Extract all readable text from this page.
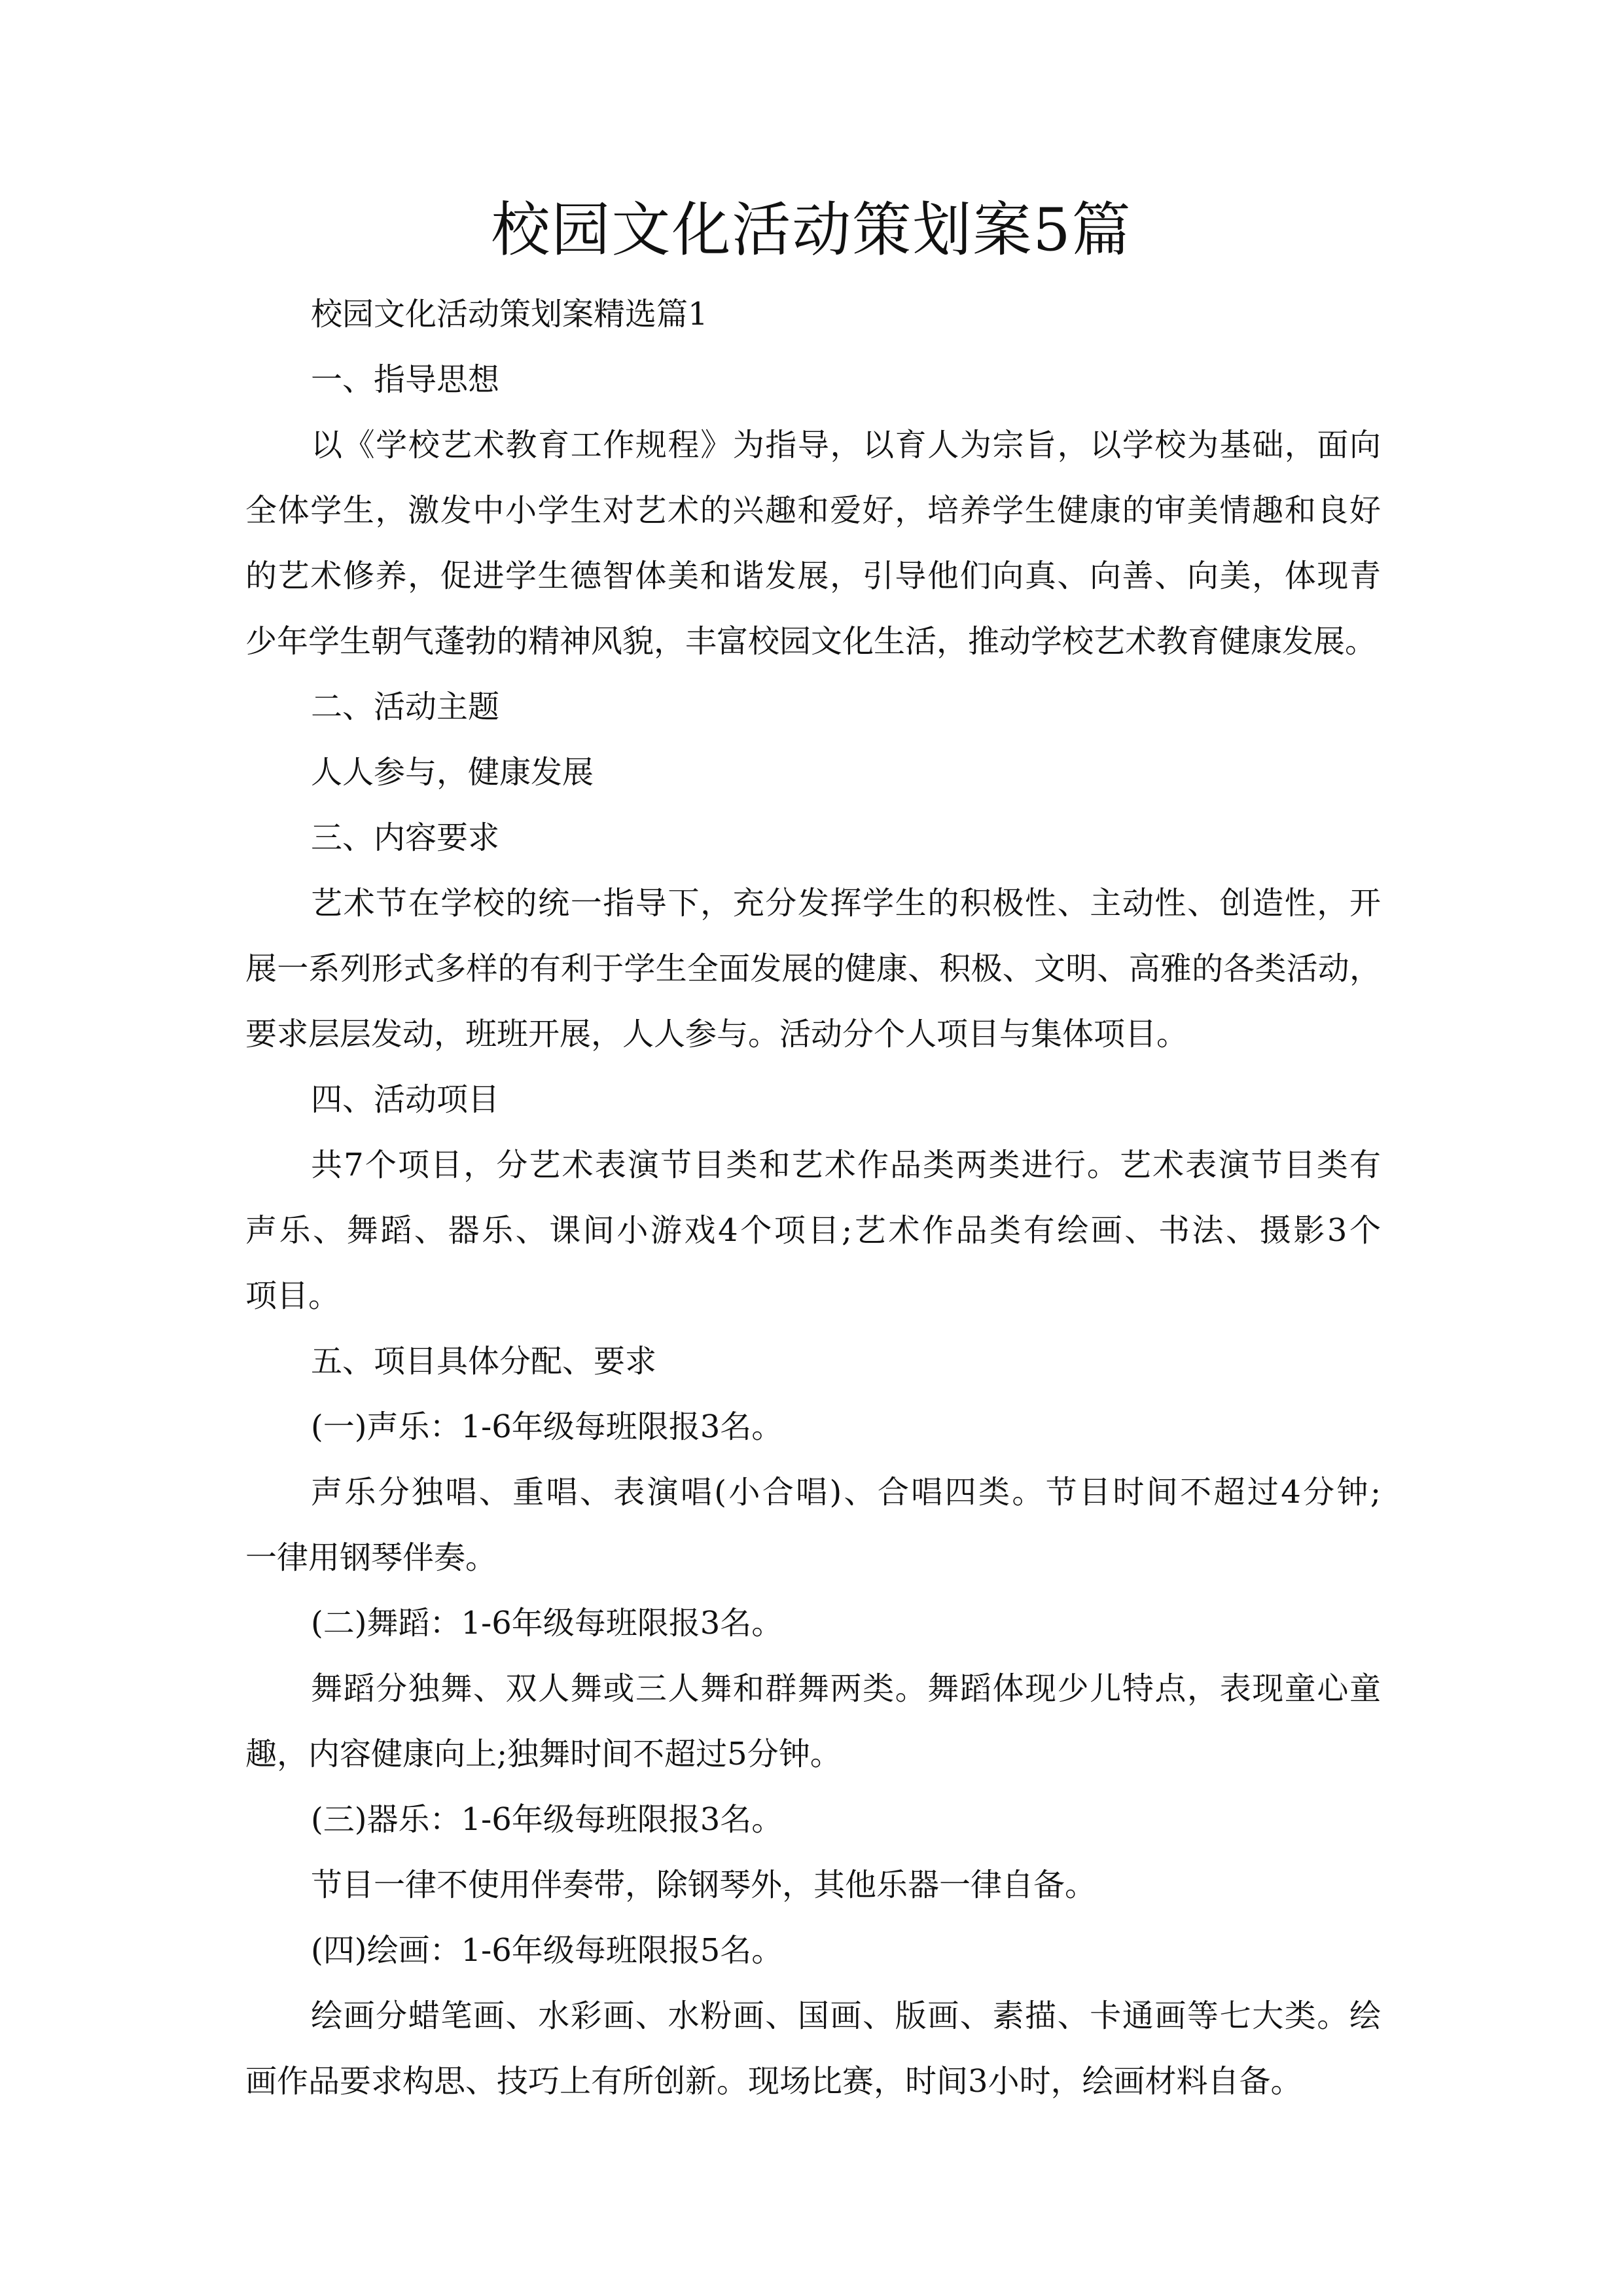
校园文化活动策划案5篇

校园文化活动策划案精选篇1

一、指导思想

以《学校艺术教育工作规程》为指导，以育人为宗旨，以学校为基础，面向
全体学生，激发中小学生对艺术的兴趣和爱好，培养学生健康的审美情趣和良好
的艺术修养，促进学生德智体美和谐发展，引导他们向真、向善、向美，体现青
少年学生朝气蓬勃的精神风貌，丰富校园文化生活，推动学校艺术教育健康发展。

二、活动主题

人人参与，健康发展

三、内容要求

艺术节在学校的统一指导下，充分发挥学生的积极性、主动性、创造性，开
展一系列形式多样的有利于学生全面发展的健康、积极、文明、高雅的各类活动，
要求层层发动，班班开展，人人参与。活动分个人项目与集体项目。

四、活动项目

共7个项目，分艺术表演节目类和艺术作品类两类进行。艺术表演节目类有
声乐、舞蹈、器乐、课间小游戏4个项目;艺术作品类有绘画、书法、摄影3个
项目。

五、项目具体分配、要求

(一)声乐：1-6年级每班限报3名。

声乐分独唱、重唱、表演唱(小合唱)、合唱四类。节目时间不超过4分钟;
一律用钢琴伴奏。

(二)舞蹈：1-6年级每班限报3名。

舞蹈分独舞、双人舞或三人舞和群舞两类。舞蹈体现少儿特点，表现童心童
趣，内容健康向上;独舞时间不超过5分钟。

(三)器乐：1-6年级每班限报3名。

节目一律不使用伴奏带，除钢琴外，其他乐器一律自备。

(四)绘画：1-6年级每班限报5名。

绘画分蜡笔画、水彩画、水粉画、国画、版画、素描、卡通画等七大类。绘
画作品要求构思、技巧上有所创新。现场比赛，时间3小时，绘画材料自备。
